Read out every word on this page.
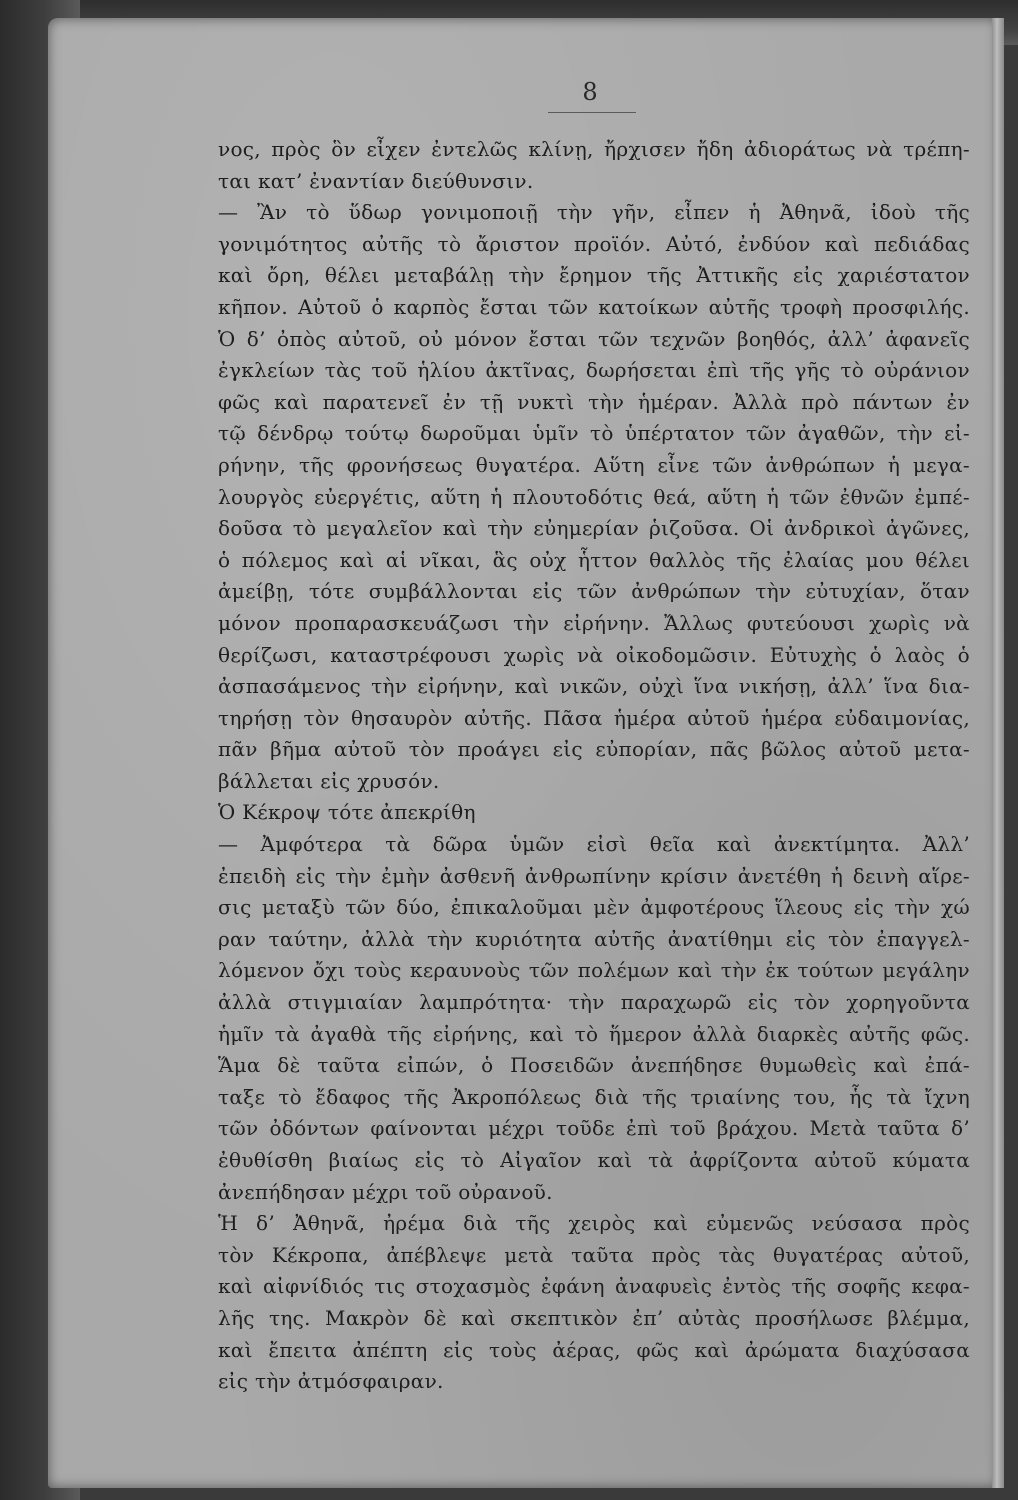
8
νος, πρὸς ὃν εἶχεν ἐντελῶς κλίνῃ, ἤρχισεν ἤδη ἀδιοράτως νὰ τρέπη-
ται κατ’ ἐναντίαν διεύθυνσιν.
— Ἂν τὸ ὕδωρ γονιμοποιῇ τὴν γῆν, εἶπεν ἡ Ἀθηνᾶ, ἰδοὺ τῆς
γονιμότητος αὐτῆς τὸ ἄριστον προϊόν. Αὐτό, ἐνδύον καὶ πεδιάδας
καὶ ὄρη, θέλει μεταβάλῃ τὴν ἔρημον τῆς Ἀττικῆς εἰς χαριέστατον
κῆπον. Αὐτοῦ ὁ καρπὸς ἔσται τῶν κατοίκων αὐτῆς τροφὴ προσφιλής.
Ὁ δ’ ὀπὸς αὐτοῦ, οὐ μόνον ἔσται τῶν τεχνῶν βοηθός, ἀλλ’ ἀφανεῖς
ἐγκλείων τὰς τοῦ ἡλίου ἀκτῖνας, δωρήσεται ἐπὶ τῆς γῆς τὸ οὐράνιον
φῶς καὶ παρατενεῖ ἐν τῇ νυκτὶ τὴν ἡμέραν. Ἀλλὰ πρὸ πάντων ἐν
τῷ δένδρῳ τούτῳ δωροῦμαι ὑμῖν τὸ ὑπέρτατον τῶν ἀγαθῶν, τὴν εἰ-
ρήνην, τῆς φρονήσεως θυγατέρα. Αὕτη εἶνε τῶν ἀνθρώπων ἡ μεγα-
λουργὸς εὐεργέτις, αὕτη ἡ πλουτοδότις θεά, αὕτη ἡ τῶν ἐθνῶν ἐμπέ-
δοῦσα τὸ μεγαλεῖον καὶ τὴν εὐημερίαν ῥιζοῦσα. Οἱ ἀνδρικοὶ ἀγῶνες,
ὁ πόλεμος καὶ αἱ νῖκαι, ἃς οὐχ ἧττον θαλλὸς τῆς ἐλαίας μου θέλει
ἀμείβῃ, τότε συμβάλλονται εἰς τῶν ἀνθρώπων τὴν εὐτυχίαν, ὅταν
μόνον προπαρασκευάζωσι τὴν εἰρήνην. Ἄλλως φυτεύουσι χωρὶς νὰ
θερίζωσι, καταστρέφουσι χωρὶς νὰ οἰκοδομῶσιν. Εὐτυχὴς ὁ λαὸς ὁ
ἀσπασάμενος τὴν εἰρήνην, καὶ νικῶν, οὐχὶ ἵνα νικήσῃ, ἀλλ’ ἵνα δια-
τηρήσῃ τὸν θησαυρὸν αὐτῆς. Πᾶσα ἡμέρα αὐτοῦ ἡμέρα εὐδαιμονίας,
πᾶν βῆμα αὐτοῦ τὸν προάγει εἰς εὐπορίαν, πᾶς βῶλος αὐτοῦ μετα-
βάλλεται εἰς χρυσόν.
Ὁ Κέκροψ τότε ἀπεκρίθη
— Ἀμφότερα τὰ δῶρα ὑμῶν εἰσὶ θεῖα καὶ ἀνεκτίμητα. Ἀλλ’
ἐπειδὴ εἰς τὴν ἐμὴν ἀσθενῆ ἀνθρωπίνην κρίσιν ἀνετέθη ἡ δεινὴ αἵρε-
σις μεταξὺ τῶν δύο, ἐπικαλοῦμαι μὲν ἀμφοτέρους ἵλεους εἰς τὴν χώ
ραν ταύτην, ἀλλὰ τὴν κυριότητα αὐτῆς ἀνατίθημι εἰς τὸν ἐπαγγελ-
λόμενον ὄχι τοὺς κεραυνοὺς τῶν πολέμων καὶ τὴν ἐκ τούτων μεγάλην
ἀλλὰ στιγμιαίαν λαμπρότητα· τὴν παραχωρῶ εἰς τὸν χορηγοῦντα
ἡμῖν τὰ ἀγαθὰ τῆς εἰρήνης, καὶ τὸ ἥμερον ἀλλὰ διαρκὲς αὐτῆς φῶς.
Ἅμα δὲ ταῦτα εἰπών, ὁ Ποσειδῶν ἀνεπήδησε θυμωθεὶς καὶ ἐπά-
ταξε τὸ ἔδαφος τῆς Ἀκροπόλεως διὰ τῆς τριαίνης του, ἧς τὰ ἴχνη
τῶν ὀδόντων φαίνονται μέχρι τοῦδε ἐπὶ τοῦ βράχου. Μετὰ ταῦτα δ’
ἐθυθίσθη βιαίως εἰς τὸ Αἰγαῖον καὶ τὰ ἀφρίζοντα αὐτοῦ κύματα
ἀνεπήδησαν μέχρι τοῦ οὐρανοῦ.
Ἡ δ’ Ἀθηνᾶ, ἠρέμα διὰ τῆς χειρὸς καὶ εὐμενῶς νεύσασα πρὸς
τὸν Κέκροπα, ἀπέβλεψε μετὰ ταῦτα πρὸς τὰς θυγατέρας αὐτοῦ,
καὶ αἰφνίδιός τις στοχασμὸς ἐφάνη ἀναφυεὶς ἐντὸς τῆς σοφῆς κεφα-
λῆς της. Μακρὸν δὲ καὶ σκεπτικὸν ἐπ’ αὐτὰς προσήλωσε βλέμμα,
καὶ ἔπειτα ἀπέπτη εἰς τοὺς ἀέρας, φῶς καὶ ἀρώματα διαχύσασα
εἰς τὴν ἀτμόσφαιραν.
